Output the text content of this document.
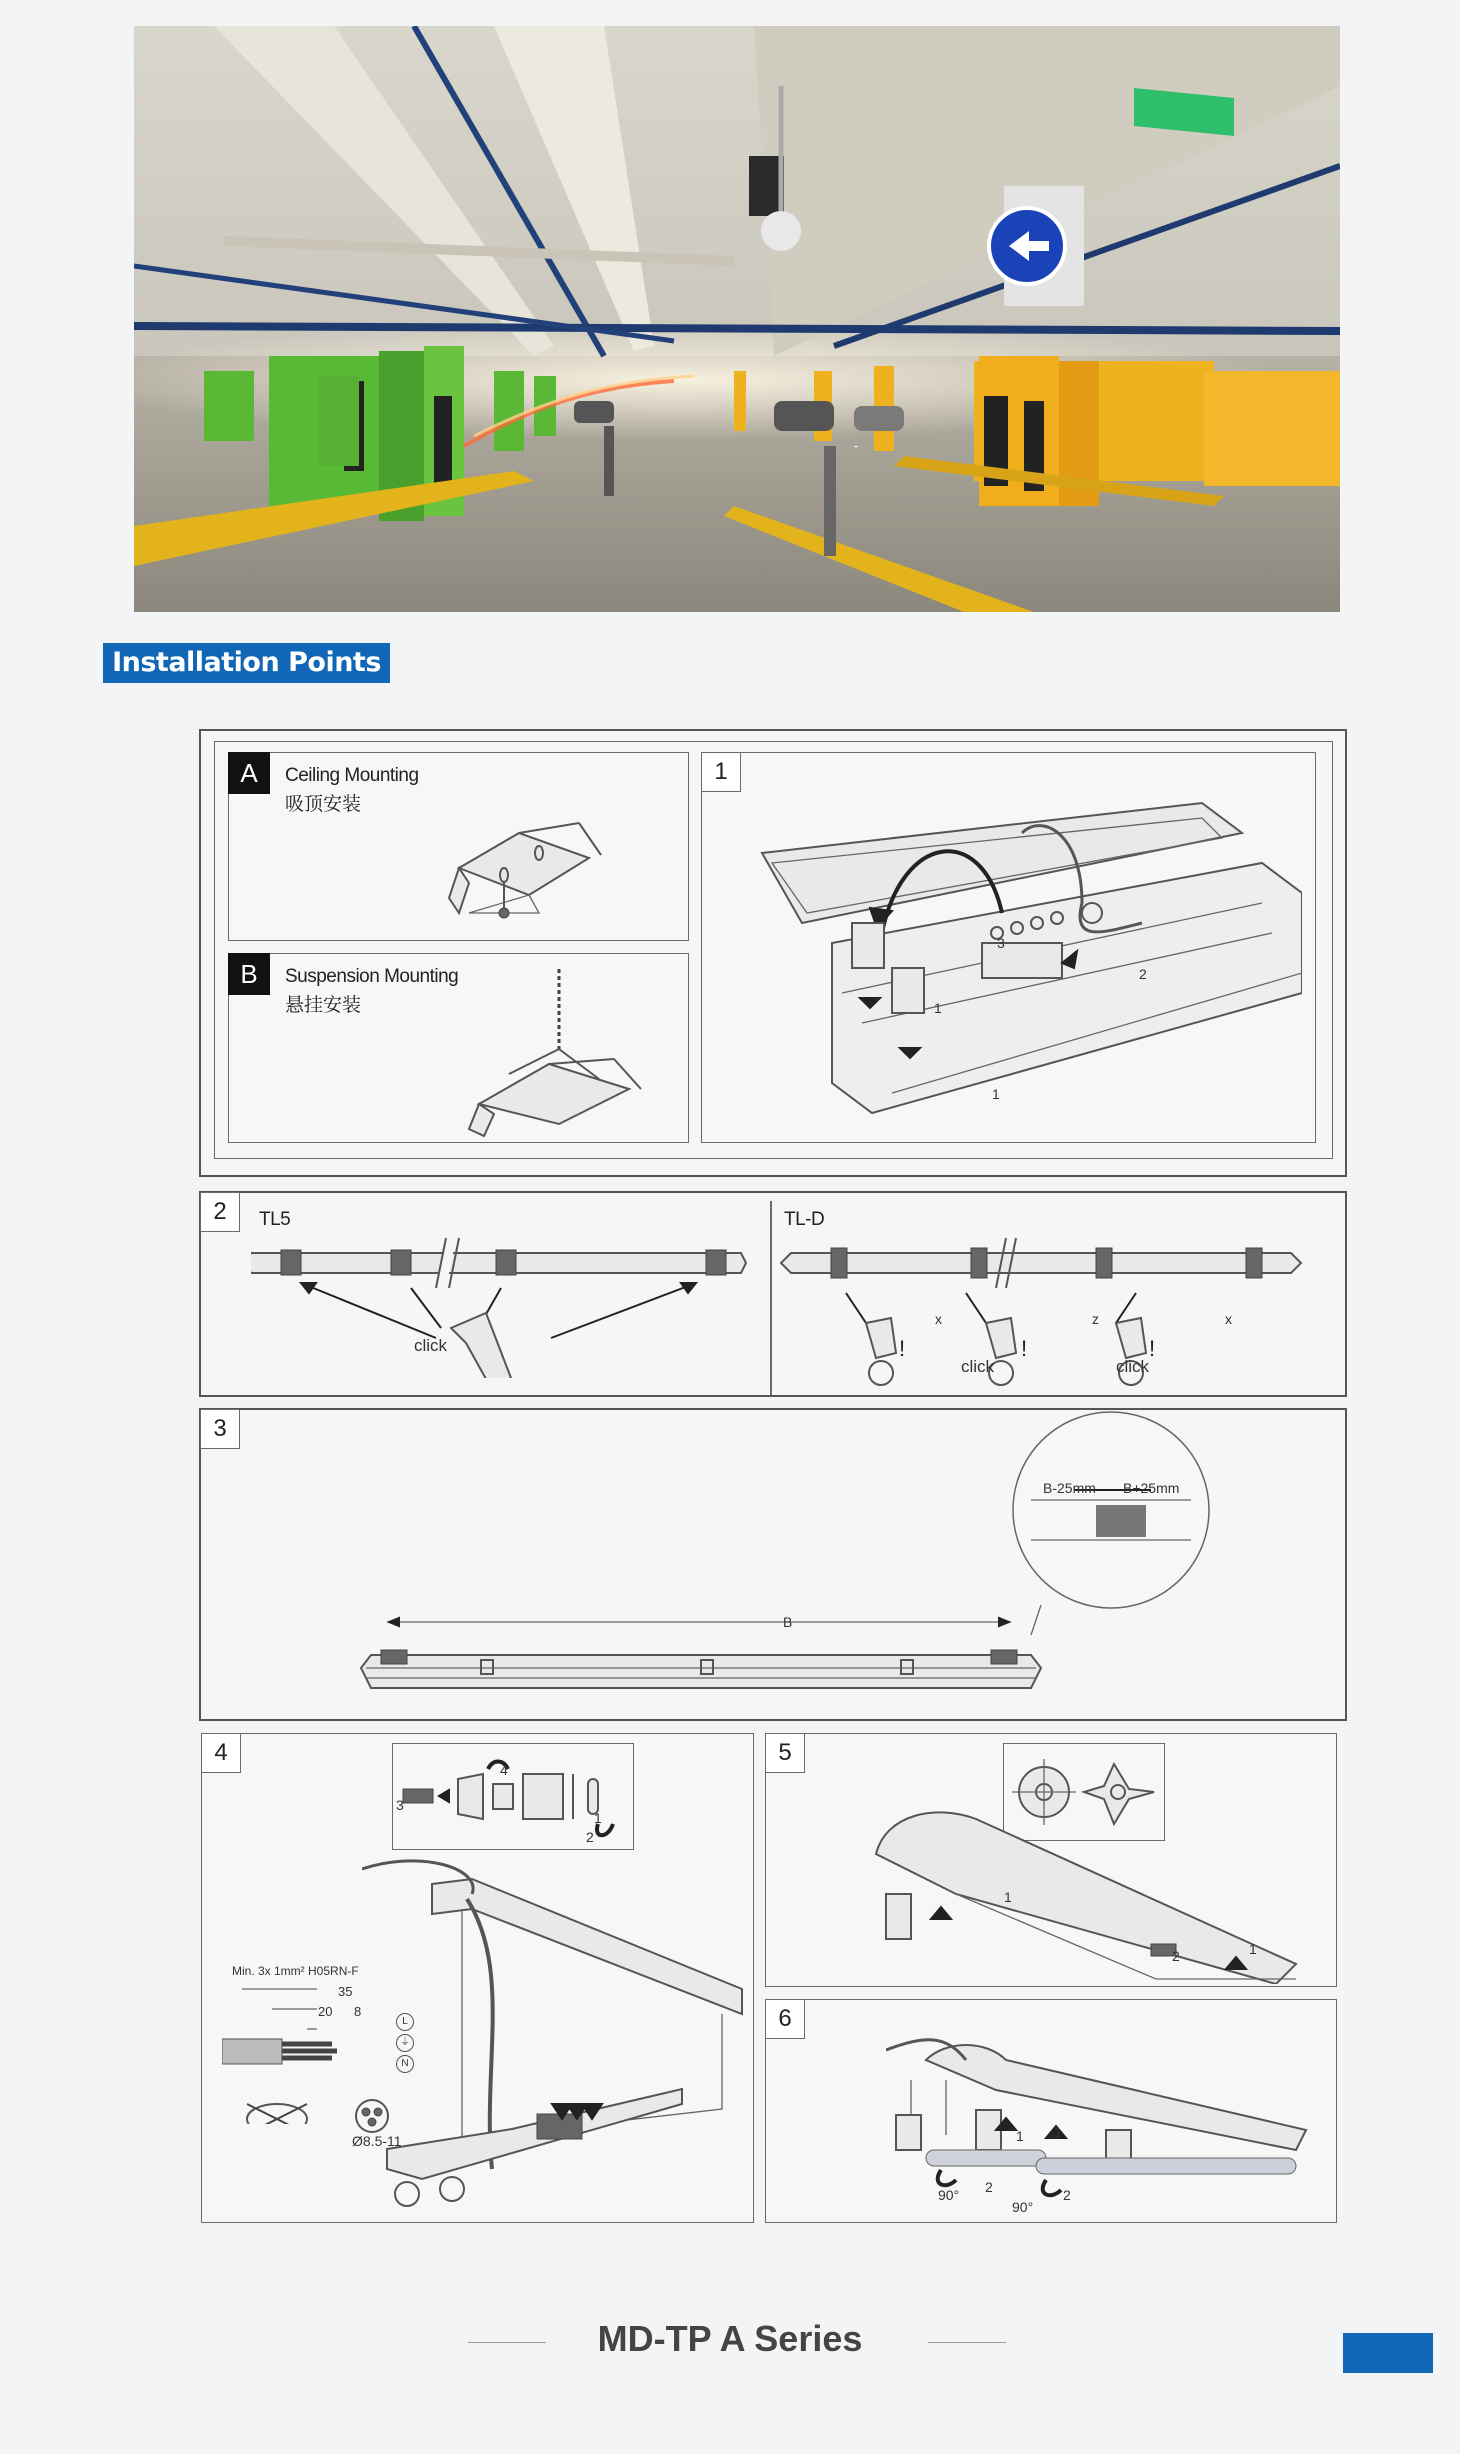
Installation Points
A	Ceiling Mounting
吸顶安装
B	Suspension Mounting
悬挂安装
1
3
2
1
1
2	TL5	TL-D
click	!	!	!
x	z	x
click	click
3
B
B-25mm B+25mm
4
3
4
1
2
Min. 3x 1mm² H05RN-F
35
20 8
L
⏚
N
Ø8.5-11
5
1
2	1
6
1 1
2	2
90°
90°
MD-TP A Series
